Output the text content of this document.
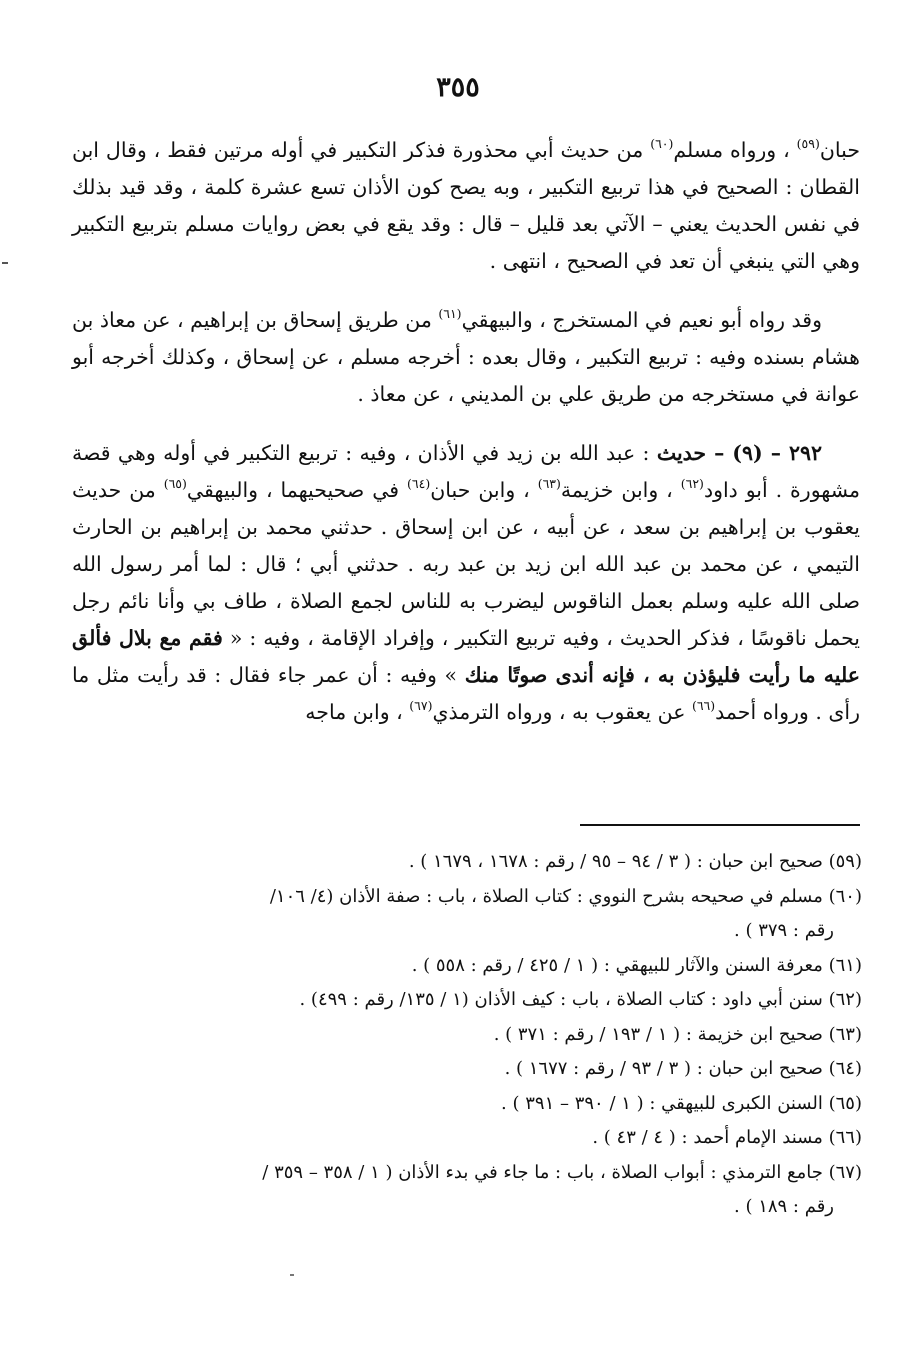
٣٥٥

حبان$^{(٥٩)}$ ، ورواه مسلم$^{(٦٠)}$ من حديث أبي محذورة فذكر التكبير في أوله مرتين فقط ، وقال ابن القطان : الصحيح في هذا تربيع التكبير ، وبه يصح كون الأذان تسع عشرة كلمة ، وقد قيد بذلك في نفس الحديث يعني – الآتي بعد قليل – قال : وقد يقع في بعض روايات مسلم بتربيع التكبير وهي التي ينبغي أن تعد في الصحيح ، انتهى .

وقد رواه أبو نعيم في المستخرج ، والبيهقي$^{(٦١)}$ من طريق إسحاق بن إبراهيم ، عن معاذ بن هشام بسنده وفيه : تربيع التكبير ، وقال بعده : أخرجه مسلم ، عن إسحاق ، وكذلك أخرجه أبو عوانة في مستخرجه من طريق علي بن المديني ، عن معاذ .

٢٩٢ – (٩) – حديث : عبد الله بن زيد في الأذان ، وفيه : تربيع التكبير في أوله وهي قصة مشهورة . أبو داود$^{(٦٢)}$ ، وابن خزيمة$^{(٦٣)}$ ، وابن حبان$^{(٦٤)}$ في صحيحيهما ، والبيهقي$^{(٦٥)}$ من حديث يعقوب بن إبراهيم بن سعد ، عن أبيه ، عن ابن إسحاق . حدثني محمد بن إبراهيم بن الحارث التيمي ، عن محمد بن عبد الله ابن زيد بن عبد ربه . حدثني أبي ؛ قال : لما أمر رسول الله صلى الله عليه وسلم بعمل الناقوس ليضرب به للناس لجمع الصلاة ، طاف بي وأنا نائم رجل يحمل ناقوسًا ، فذكر الحديث ، وفيه تربيع التكبير ، وإفراد الإقامة ، وفيه : « فقم مع بلال فألق عليه ما رأيت فليؤذن به ، فإنه أندى صوتًا منك » وفيه : أن عمر جاء فقال : قد رأيت مثل ما رأى . ورواه أحمد$^{(٦٦)}$ عن يعقوب به ، ورواه الترمذي$^{(٦٧)}$ ، وابن ماجه

(٥٩) صحيح ابن حبان : ( ٣ / ٩٤ – ٩٥ / رقم : ١٦٧٨ ، ١٦٧٩ ) .
(٦٠) مسلم في صحيحه بشرح النووي : كتاب الصلاة ، باب : صفة الأذان (٤/ ١٠٦/
رقم : ٣٧٩ ) .
(٦١) معرفة السنن والآثار للبيهقي : ( ١ / ٤٢٥ / رقم : ٥٥٨ ) .
(٦٢) سنن أبي داود : كتاب الصلاة ، باب : كيف الأذان (١ / ١٣٥/ رقم : ٤٩٩) .
(٦٣) صحيح ابن خزيمة : ( ١ / ١٩٣ / رقم : ٣٧١ ) .
(٦٤) صحيح ابن حبان : ( ٣ / ٩٣ / رقم : ١٦٧٧ ) .
(٦٥) السنن الكبرى للبيهقي : ( ١ / ٣٩٠ – ٣٩١ ) .
(٦٦) مسند الإمام أحمد : ( ٤ / ٤٣ ) .
(٦٧) جامع الترمذي : أبواب الصلاة ، باب : ما جاء في بدء الأذان ( ١ / ٣٥٨ – ٣٥٩ /
رقم : ١٨٩ ) .
